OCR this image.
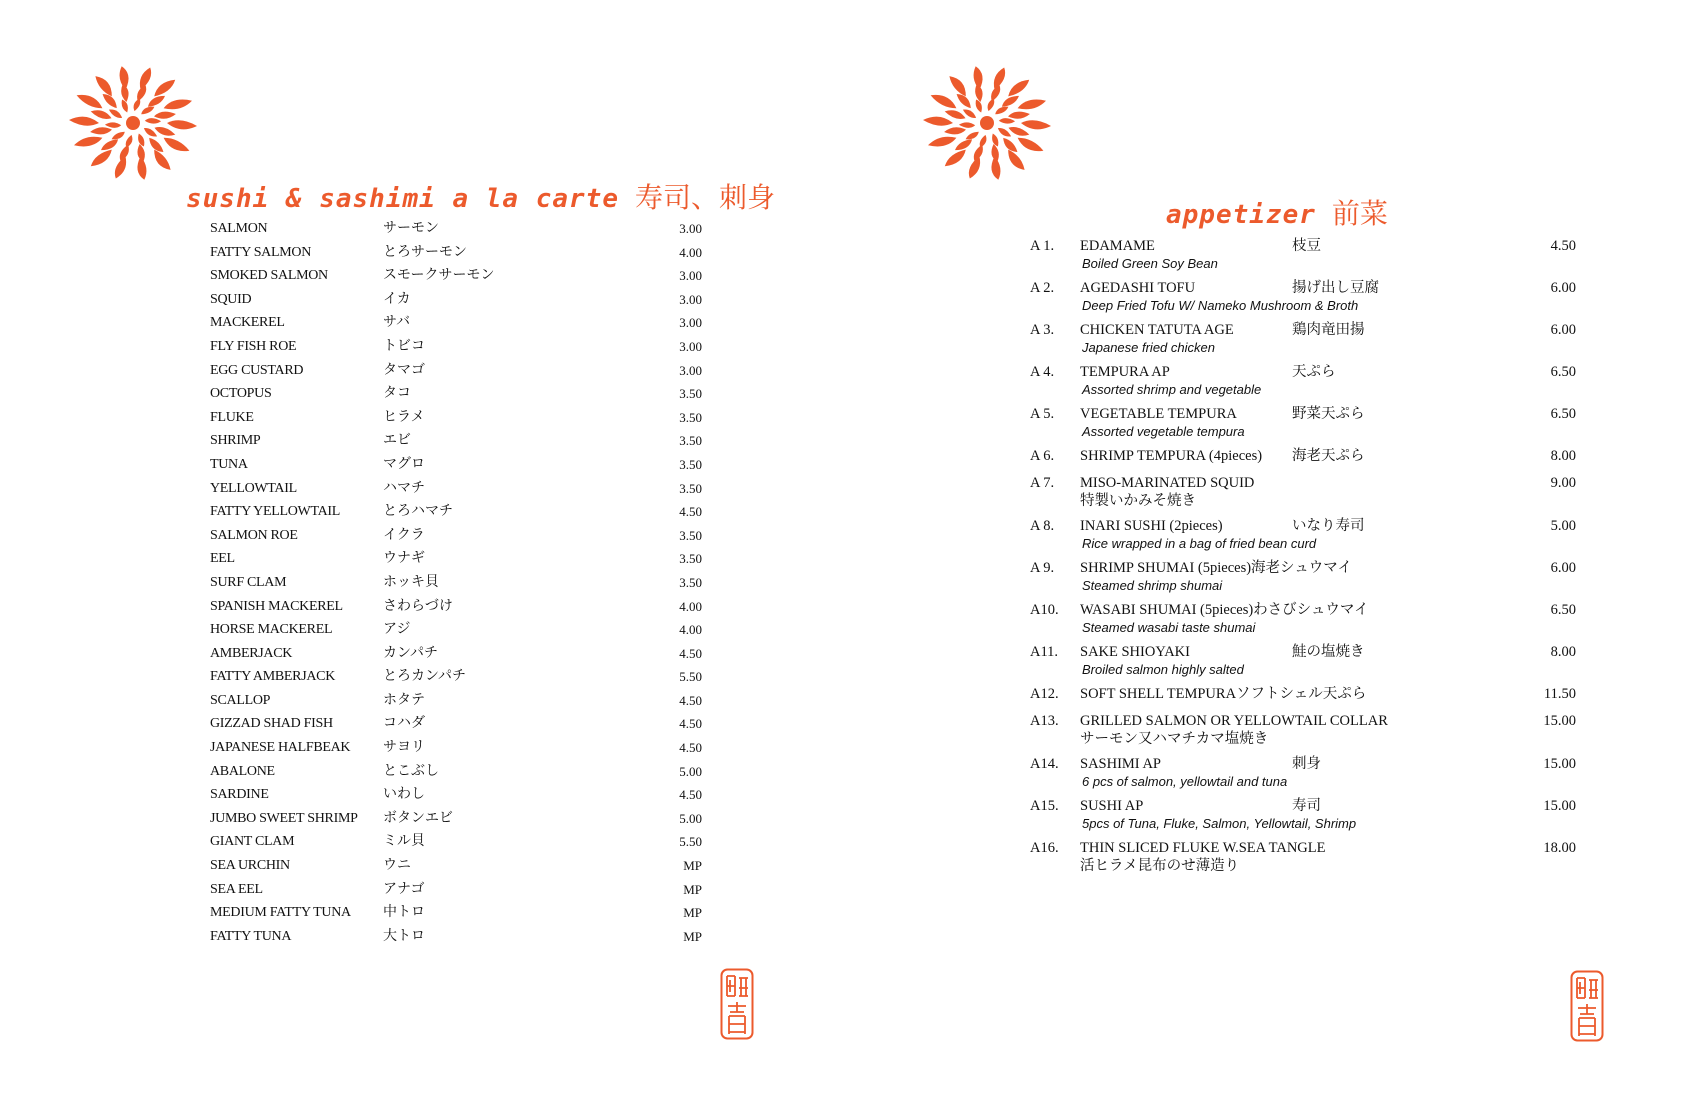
sushi & sashimi a la carte 寿司、刺身
SALMON	サーモン	3.00
FATTY SALMON	とろサーモン	4.00
SMOKED SALMON	スモークサーモン	3.00
SQUID	イカ	3.00
MACKEREL	サバ	3.00
FLY FISH ROE	トビコ	3.00
EGG CUSTARD	タマゴ	3.00
OCTOPUS	タコ	3.50
FLUKE	ヒラメ	3.50
SHRIMP	エビ	3.50
TUNA	マグロ	3.50
YELLOWTAIL	ハマチ	3.50
FATTY YELLOWTAIL	とろハマチ	4.50
SALMON ROE	イクラ	3.50
EEL	ウナギ	3.50
SURF CLAM	ホッキ貝	3.50
SPANISH MACKEREL	さわらづけ	4.00
HORSE MACKEREL	アジ	4.00
AMBERJACK	カンパチ	4.50
FATTY AMBERJACK	とろカンパチ	5.50
SCALLOP	ホタテ	4.50
GIZZAD SHAD FISH	コハダ	4.50
JAPANESE HALFBEAK サヨリ	4.50
ABALONE	とこぶし	5.00
SARDINE	いわし	4.50
JUMBO SWEET SHRIMP ボタンエビ	5.00
GIANT CLAM	ミル貝	5.50
SEA URCHIN	ウニ	MP
SEA EEL	アナゴ	MP
MEDIUM FATTY TUNA 中トロ	MP
FATTY TUNA	大トロ	MP
appetizer 前菜
A 1. EDAMAME	枝豆	4.50
Boiled Green Soy Bean
A 2. AGEDASHI TOFU	揚げ出し豆腐	6.00
Deep Fried Tofu W/ Nameko Mushroom & Broth
A 3. CHICKEN TATUTA AGE	鶏肉竜田揚	6.00
Japanese fried chicken
A 4. TEMPURA AP	天ぷら	6.50
Assorted shrimp and vegetable
A 5. VEGETABLE TEMPURA	野菜天ぷら	6.50
Assorted vegetable tempura
A 6. SHRIMP TEMPURA (4pieces) 海老天ぷら	8.00
A 7. MISO-MARINATED SQUID	9.00
特製いかみそ焼き
A 8. INARI SUSHI (2pieces)	いなり寿司	5.00
Rice wrapped in a bag of fried bean curd
A 9. SHRIMP SHUMAI (5pieces)海老シュウマイ	6.00
Steamed shrimp shumai
A10. WASABI SHUMAI (5pieces)わさびシュウマイ	6.50
Steamed wasabi taste shumai
A11. SAKE SHIOYAKI	鮭の塩焼き	8.00
Broiled salmon highly salted
A12. SOFT SHELL TEMPURAソフトシェル天ぷら	11.50
A13. GRILLED SALMON OR YELLOWTAIL COLLAR	15.00
サーモン又ハマチカマ塩焼き
A14. SASHIMI AP	刺身	15.00
6 pcs of salmon, yellowtail and tuna
A15. SUSHI AP	寿司	15.00
5pcs of Tuna, Fluke, Salmon, Yellowtail, Shrimp
A16. THIN SLICED FLUKE W.SEA TANGLE	18.00
活ヒラメ昆布のせ薄造り
